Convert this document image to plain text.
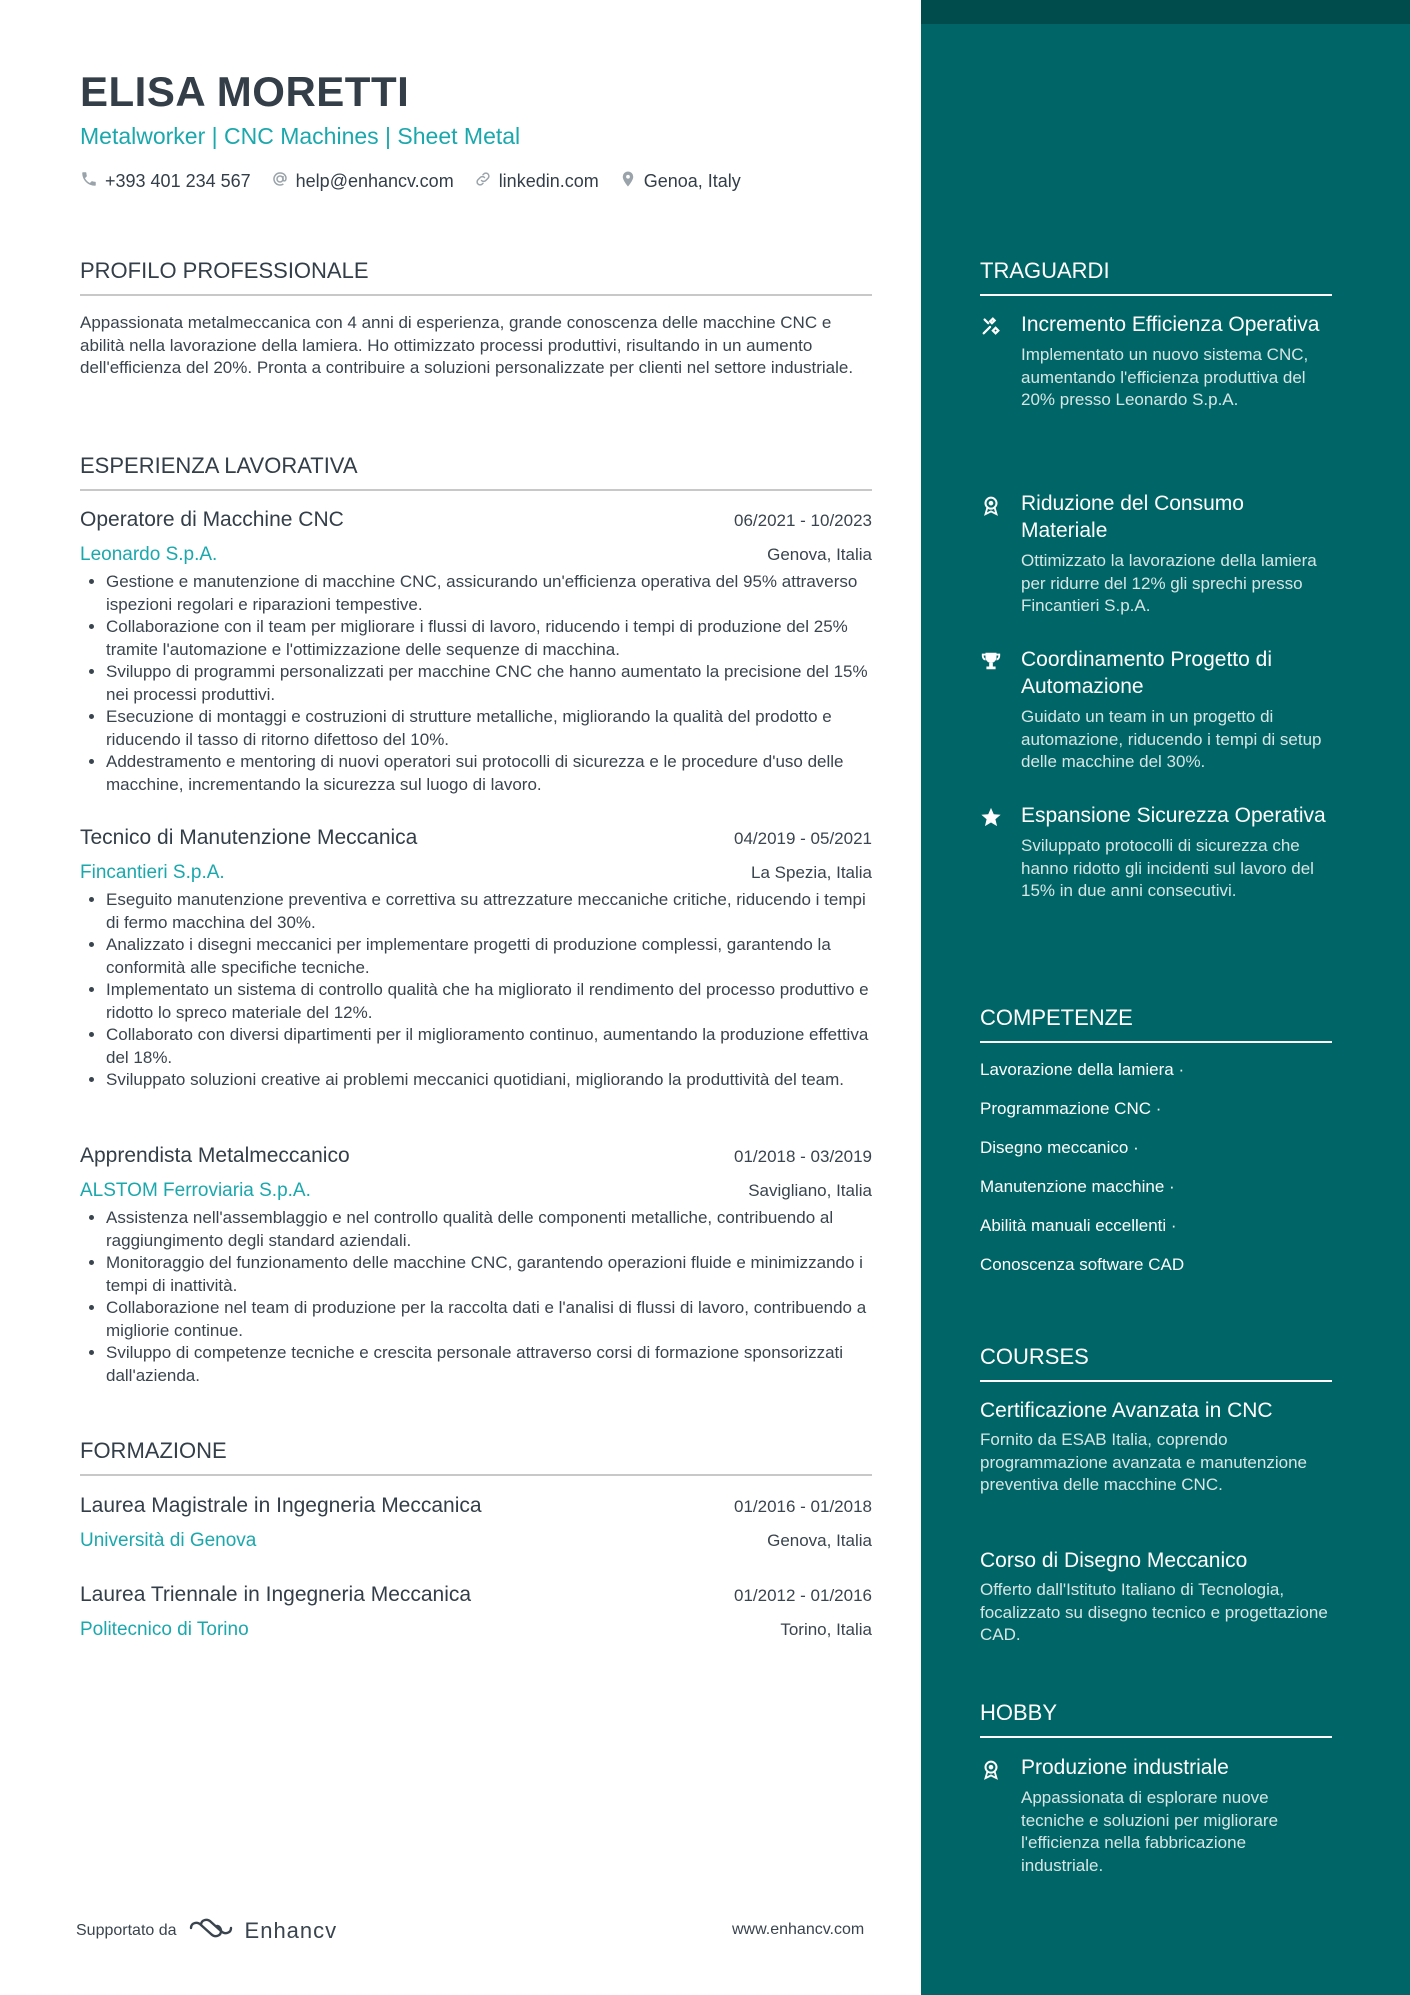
ELISA MORETTI
Metalworker | CNC Machines | Sheet Metal
+393 401 234 567	help@enhancv.com	linkedin.com	Genoa, Italy
PROFILO PROFESSIONALE
Appassionata metalmeccanica con 4 anni di esperienza, grande conoscenza delle macchine CNC e abilità nella lavorazione della lamiera. Ho ottimizzato processi produttivi, risultando in un aumento dell'efficienza del 20%. Pronta a contribuire a soluzioni personalizzate per clienti nel settore industriale.
ESPERIENZA LAVORATIVA
Operatore di Macchine CNC	06/2021 - 10/2023
Leonardo S.p.A.	Genova, Italia
• Gestione e manutenzione di macchine CNC, assicurando un'efficienza operativa del 95% attraverso ispezioni regolari e riparazioni tempestive.
• Collaborazione con il team per migliorare i flussi di lavoro, riducendo i tempi di produzione del 25% tramite l'automazione e l'ottimizzazione delle sequenze di macchina.
• Sviluppo di programmi personalizzati per macchine CNC che hanno aumentato la precisione del 15% nei processi produttivi.
• Esecuzione di montaggi e costruzioni di strutture metalliche, migliorando la qualità del prodotto e riducendo il tasso di ritorno difettoso del 10%.
• Addestramento e mentoring di nuovi operatori sui protocolli di sicurezza e le procedure d'uso delle macchine, incrementando la sicurezza sul luogo di lavoro.
Tecnico di Manutenzione Meccanica	04/2019 - 05/2021
Fincantieri S.p.A.	La Spezia, Italia
• Eseguito manutenzione preventiva e correttiva su attrezzature meccaniche critiche, riducendo i tempi di fermo macchina del 30%.
• Analizzato i disegni meccanici per implementare progetti di produzione complessi, garantendo la conformità alle specifiche tecniche.
• Implementato un sistema di controllo qualità che ha migliorato il rendimento del processo produttivo e ridotto lo spreco materiale del 12%.
• Collaborato con diversi dipartimenti per il miglioramento continuo, aumentando la produzione effettiva del 18%.
• Sviluppato soluzioni creative ai problemi meccanici quotidiani, migliorando la produttività del team.
Apprendista Metalmeccanico	01/2018 - 03/2019
ALSTOM Ferroviaria S.p.A.	Savigliano, Italia
• Assistenza nell'assemblaggio e nel controllo qualità delle componenti metalliche, contribuendo al raggiungimento degli standard aziendali.
• Monitoraggio del funzionamento delle macchine CNC, garantendo operazioni fluide e minimizzando i tempi di inattività.
• Collaborazione nel team di produzione per la raccolta dati e l'analisi di flussi di lavoro, contribuendo a migliorie continue.
• Sviluppo di competenze tecniche e crescita personale attraverso corsi di formazione sponsorizzati dall'azienda.
FORMAZIONE
Laurea Magistrale in Ingegneria Meccanica	01/2016 - 01/2018
Università di Genova	Genova, Italia
Laurea Triennale in Ingegneria Meccanica	01/2012 - 01/2016
Politecnico di Torino	Torino, Italia
Supportato da	Enhancv	www.enhancv.com
TRAGUARDI
Incremento Efficienza Operativa
Implementato un nuovo sistema CNC, aumentando l'efficienza produttiva del 20% presso Leonardo S.p.A.
Riduzione del Consumo Materiale
Ottimizzato la lavorazione della lamiera per ridurre del 12% gli sprechi presso Fincantieri S.p.A.
Coordinamento Progetto di Automazione
Guidato un team in un progetto di automazione, riducendo i tempi di setup delle macchine del 30%.
Espansione Sicurezza Operativa
Sviluppato protocolli di sicurezza che hanno ridotto gli incidenti sul lavoro del 15% in due anni consecutivi.
COMPETENZE
Lavorazione della lamiera ·
Programmazione CNC ·
Disegno meccanico ·
Manutenzione macchine ·
Abilità manuali eccellenti ·
Conoscenza software CAD
COURSES
Certificazione Avanzata in CNC
Fornito da ESAB Italia, coprendo programmazione avanzata e manutenzione preventiva delle macchine CNC.
Corso di Disegno Meccanico
Offerto dall'Istituto Italiano di Tecnologia, focalizzato su disegno tecnico e progettazione CAD.
HOBBY
Produzione industriale
Appassionata di esplorare nuove tecniche e soluzioni per migliorare l'efficienza nella fabbricazione industriale.
